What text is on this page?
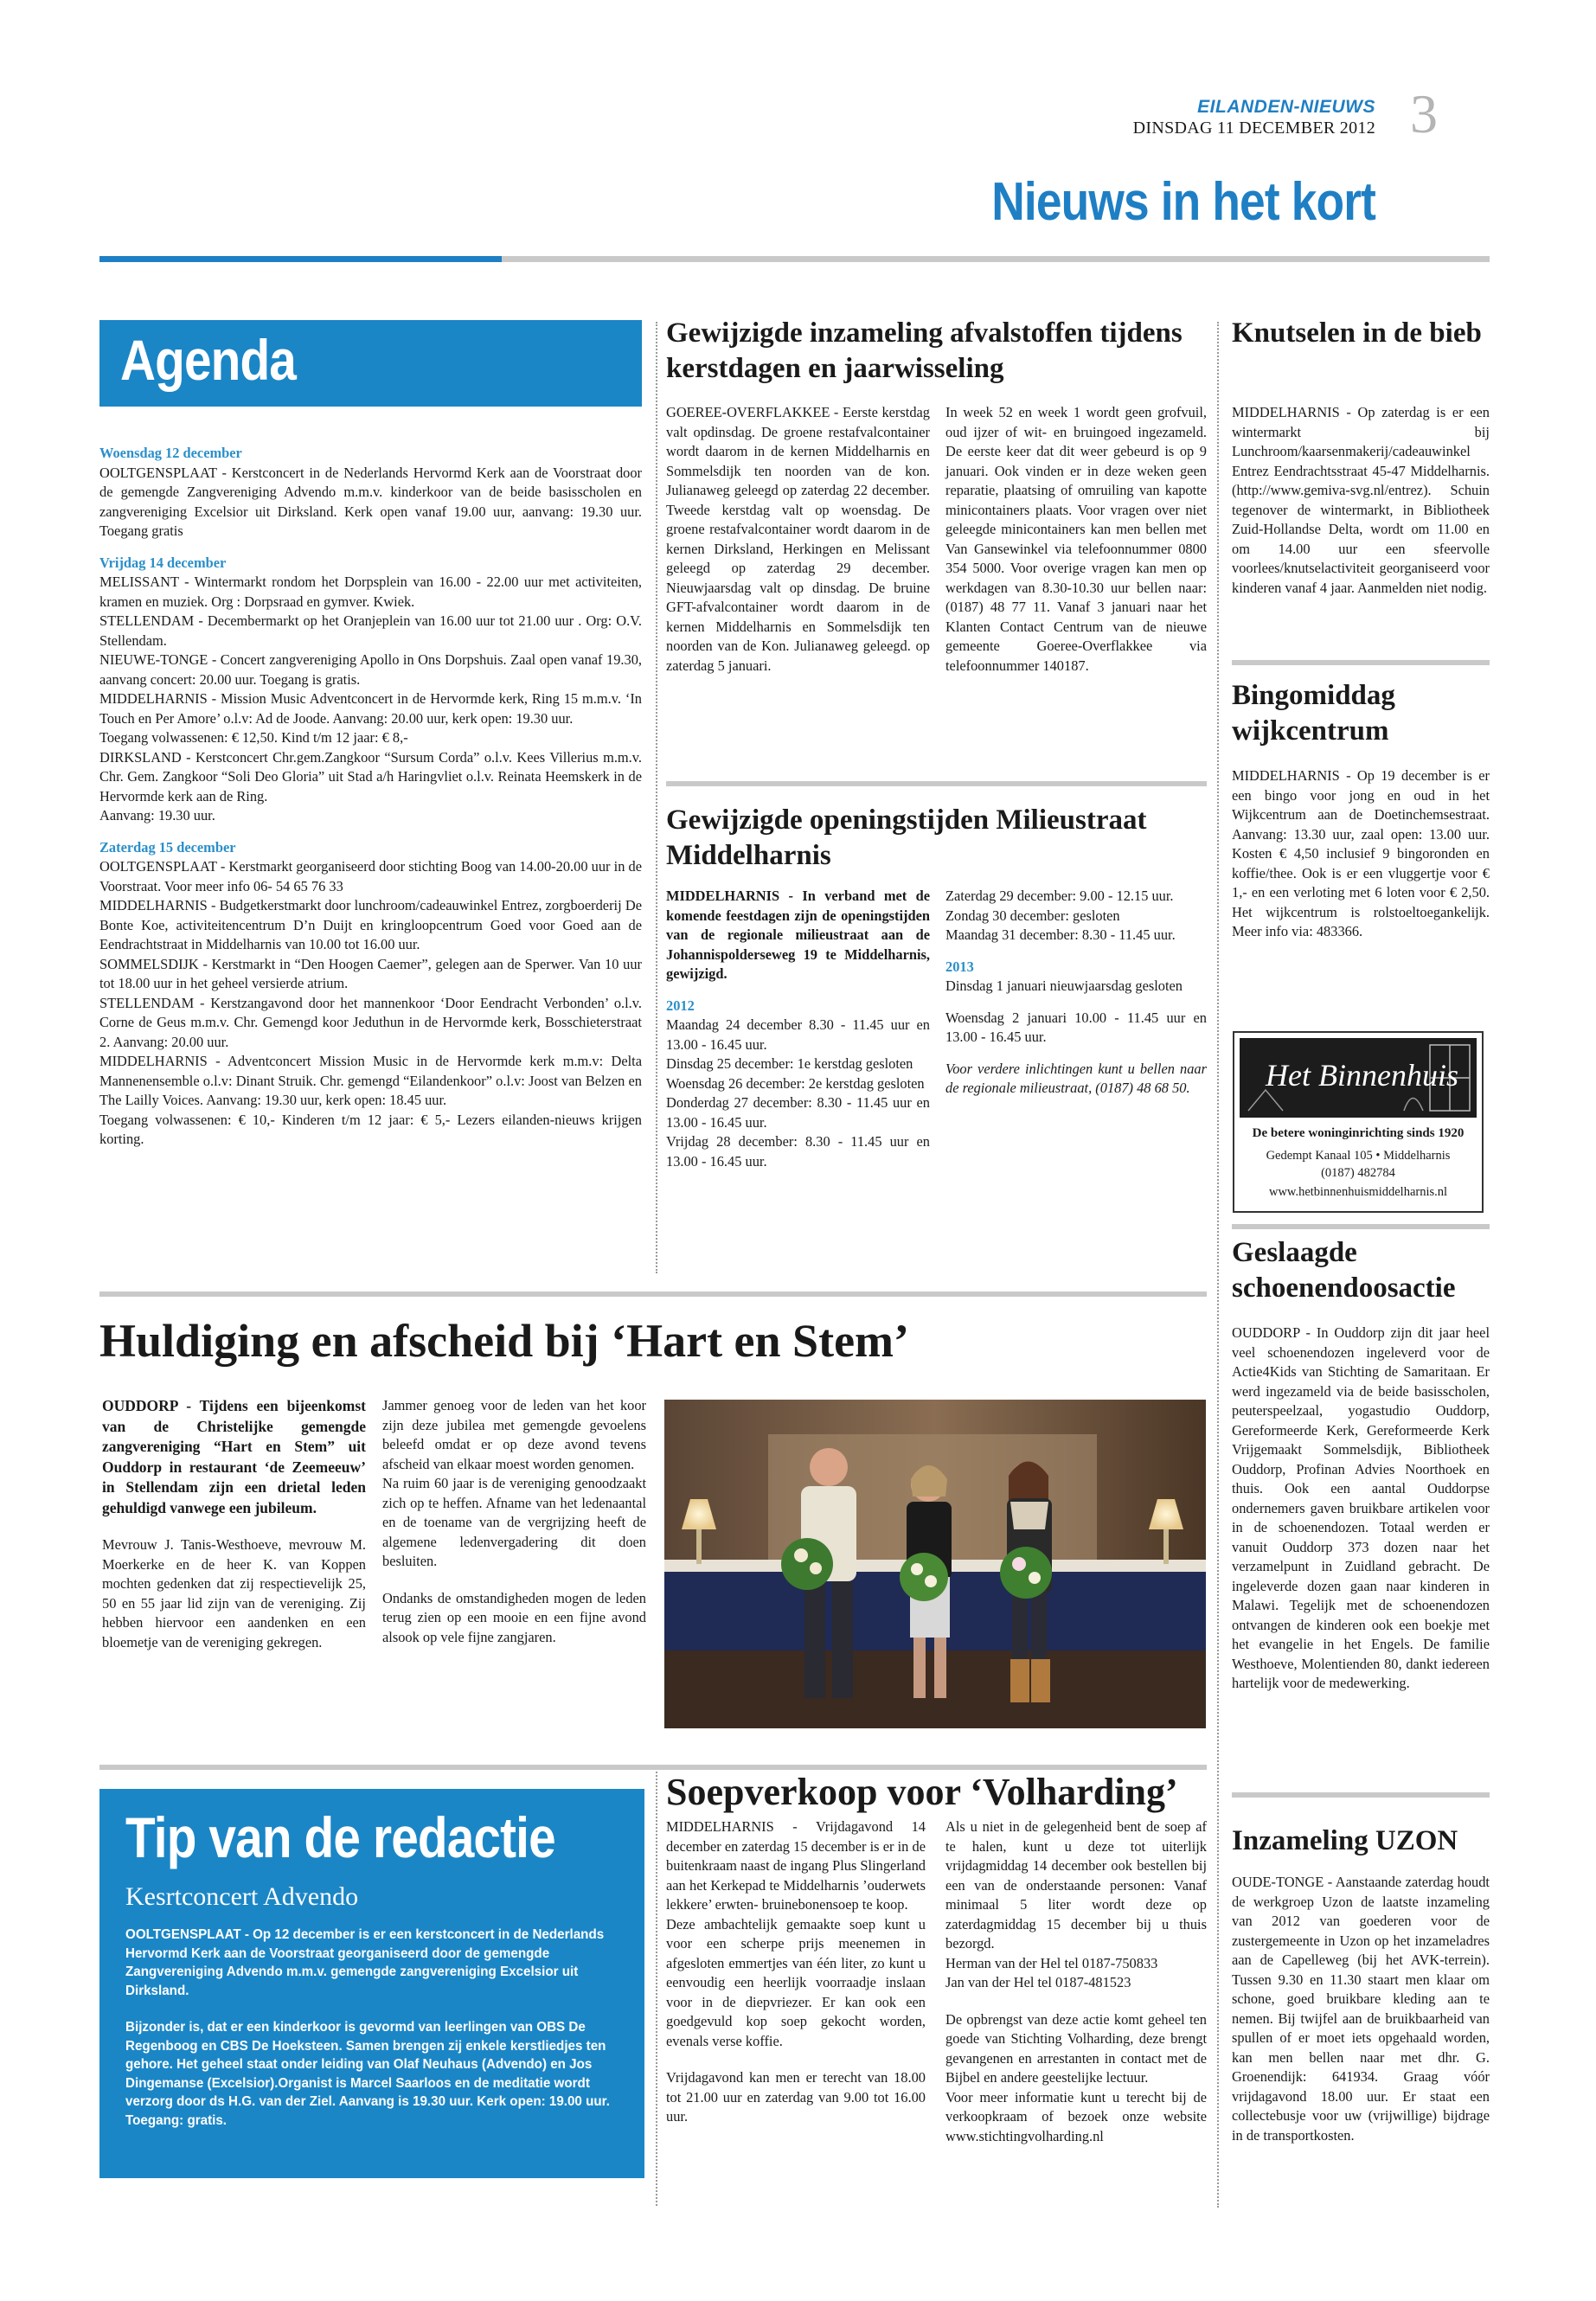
EILANDEN-NIEUWS
DINSDAG 11 DECEMBER 2012 3
Nieuws in het kort
Agenda
Woensdag 12 december

OOLTGENSPLAAT - Kerstconcert in de Nederlands Hervormd Kerk aan de Voorstraat door de gemengde Zangvereniging Advendo m.m.v. kinderkoor van de beide basisscholen en zangvereniging Excelsior uit Dirksland. Kerk open vanaf 19.00 uur, aanvang: 19.30 uur. Toegang gratis

Vrijdag 14 december

MELISSANT - Wintermarkt rondom het Dorpsplein van 16.00 - 22.00 uur met activiteiten, kramen en muziek. Org : Dorpsraad en gymver. Kwiek.

STELLENDAM - Decembermarkt op het Oranjeplein van 16.00 uur tot 21.00 uur . Org: O.V. Stellendam.

NIEUWE-TONGE - Concert zangvereniging Apollo in Ons Dorpshuis. Zaal open vanaf 19.30, aanvang concert: 20.00 uur. Toegang is gratis.

MIDDELHARNIS - Mission Music Adventconcert in de Hervormde kerk, Ring 15 m.m.v. ‘In Touch en Per Amore’ o.l.v: Ad de Joode. Aanvang: 20.00 uur, kerk open: 19.30 uur.

Toegang volwassenen: € 12,50. Kind t/m 12 jaar: € 8,-

DIRKSLAND - Kerstconcert Chr.gem.Zangkoor “Sursum Corda” o.l.v. Kees Villerius m.m.v. Chr. Gem. Zangkoor “Soli Deo Gloria” uit Stad a/h Haringvliet o.l.v. Reinata Heemskerk in de Hervormde kerk aan de Ring.

Aanvang: 19.30 uur.

Zaterdag 15 december

OOLTGENSPLAAT - Kerstmarkt georganiseerd door stichting Boog van 14.00-20.00 uur in de Voorstraat. Voor meer info 06- 54 65 76 33

MIDDELHARNIS - Budgetkerstmarkt door lunchroom/cadeauwinkel Entrez, zorgboerderij De Bonte Koe, activiteitencentrum D’n Duijt en kringloopcentrum Goed voor Goed aan de Eendrachtstraat in Middelharnis van 10.00 tot 16.00 uur.

SOMMELSDIJK - Kerstmarkt in “Den Hoogen Caemer”, gelegen aan de Sperwer. Van 10 uur tot 18.00 uur in het geheel versierde atrium.

STELLENDAM - Kerstzangavond door het mannenkoor ‘Door Eendracht Verbonden’ o.l.v. Corne de Geus m.m.v. Chr. Gemengd koor Jeduthun in de Hervormde kerk, Bosschieterstraat 2. Aanvang: 20.00 uur.

MIDDELHARNIS - Adventconcert Mission Music in de Hervormde kerk m.m.v: Delta Mannenensemble o.l.v: Dinant Struik. Chr. gemengd “Eilandenkoor” o.l.v: Joost van Belzen en The Lailly Voices. Aanvang: 19.30 uur, kerk open: 18.45 uur.

Toegang volwassenen: € 10,- Kinderen t/m 12 jaar: € 5,- Lezers eilanden-nieuws krijgen korting.

Gewijzigde inzameling afvalstoffen tijdens kerstdagen en jaarwisseling
GOEREE-OVERFLAKKEE - Eerste kerstdag valt opdinsdag. De groene restafvalcontainer wordt daarom in de kernen Middelharnis en Sommelsdijk ten noorden van de kon. Julianaweg geleegd op zaterdag 22 december. Tweede kerstdag valt op woensdag. De groene restafvalcontainer wordt daarom in de kernen Dirksland, Herkingen en Melissant geleegd op zaterdag 29 december. Nieuwjaarsdag valt op dinsdag. De bruine GFT-afvalcontainer wordt daarom in de kernen Middelharnis en Sommelsdijk ten noorden van de Kon. Julianaweg geleegd. op zaterdag 5 januari.
In week 52 en week 1 wordt geen grofvuil, oud ijzer of wit- en bruingoed ingezameld. De eerste keer dat dit weer gebeurd is op 9 januari. Ook vinden er in deze weken geen reparatie, plaatsing of omruiling van kapotte minicontainers plaats. Voor vragen over niet geleegde minicontainers kan men bellen met Van Gansewinkel via telefoonnummer 0800 354 5000. Voor overige vragen kan men op werkdagen van 8.30-10.30 uur bellen naar: (0187) 48 77 11. Vanaf 3 januari naar het Klanten Contact Centrum van de nieuwe gemeente Goeree-Overflakkee via telefoonnummer 140187.
Gewijzigde openingstijden Milieustraat Middelharnis

MIDDELHARNIS - In verband met de komende feestdagen zijn de openingstijden van de regionale milieustraat aan de Johannispolderseweg 19 te Middelharnis, gewijzigd.

2012

Maandag 24 december 8.30 - 11.45 uur en 13.00 - 16.45 uur.

Dinsdag 25 december: 1e kerstdag gesloten

Woensdag 26 december: 2e kerstdag gesloten

Donderdag 27 december: 8.30 - 11.45 uur en 13.00 - 16.45 uur.

Vrijdag 28 december: 8.30 - 11.45 uur en 13.00 - 16.45 uur.

Zaterdag 29 december: 9.00 - 12.15 uur.

Zondag 30 december: gesloten

Maandag 31 december: 8.30 - 11.45 uur.

2013

Dinsdag 1 januari nieuwjaarsdag gesloten

Woensdag 2 januari 10.00 - 11.45 uur en 13.00 - 16.45 uur.

Voor verdere inlichtingen kunt u bellen naar de regionale milieustraat, (0187) 48 68 50.

Knutselen in de bieb
MIDDELHARNIS - Op zaterdag is er een wintermarkt bij Lunchroom/kaarsenmakerij/cadeauwinkel Entrez Eendrachtsstraat 45-47 Middelharnis. (http://www.gemiva-svg.nl/entrez). Schuin tegenover de wintermarkt, in Bibliotheek Zuid-Hollandse Delta, wordt om 11.00 en om 14.00 uur een sfeervolle voorlees/knutselactiviteit georganiseerd voor kinderen vanaf 4 jaar. Aanmelden niet nodig.
Bingomiddag wijkcentrum
MIDDELHARNIS - Op 19 december is er een bingo voor jong en oud in het Wijkcentrum aan de Doetinchemsestraat. Aanvang: 13.30 uur, zaal open: 13.00 uur. Kosten € 4,50 inclusief 9 bingoronden en koffie/thee. Ook is er een vluggertje voor € 1,- en een verloting met 6 loten voor € 2,50. Het wijkcentrum is rolstoeltoegankelijk. Meer info via: 483366.
Het Binnenhuis
De betere woninginrichting sinds 1920
Gedempt Kanaal 105 • Middelharnis
(0187) 482784
www.hetbinnenhuismiddelharnis.nl
Geslaagde schoenendoosactie
OUDDORP - In Ouddorp zijn dit jaar heel veel schoenendozen ingeleverd voor de Actie4Kids van Stichting de Samaritaan. Er werd ingezameld via de beide basisscholen, peuterspeelzaal, yogastudio Ouddorp, Gereformeerde Kerk, Gereformeerde Kerk Vrijgemaakt Sommelsdijk, Bibliotheek Ouddorp, Profinan Advies Noorthoek en thuis. Ook een aantal Ouddorpse ondernemers gaven bruikbare artikelen voor in de schoenendozen. Totaal werden er vanuit Ouddorp 373 dozen naar het verzamelpunt in Zuidland gebracht. De ingeleverde dozen gaan naar kinderen in Malawi. Tegelijk met de schoenendozen ontvangen de kinderen ook een boekje met het evangelie in het Engels. De familie Westhoeve, Molentienden 80, dankt iedereen hartelijk voor de medewerking.
Inzameling UZON
OUDE-TONGE - Aanstaande zaterdag houdt de werkgroep Uzon de laatste inzameling van 2012 van goederen voor de zustergemeente in Uzon op het inzameladres aan de Capelleweg (bij het AVK-terrein). Tussen 9.30 en 11.30 staart men klaar om schone, goed bruikbare kleding aan te nemen. Bij twijfel aan de bruikbaarheid van spullen of er moet iets opgehaald worden, kan men bellen naar met dhr. G. Groenendijk: 641934. Graag vóór vrijdagavond 18.00 uur. Er staat een collectebusje voor uw (vrijwillige) bijdrage in de transportkosten.
Huldiging en afscheid bij ‘Hart en Stem’

OUDDORP - Tijdens een bijeenkomst van de Christelijke gemengde zangvereniging “Hart en Stem” uit Ouddorp in restaurant ‘de Zeemeeuw’ in Stellendam zijn een drietal leden gehuldigd vanwege een jubileum.

Mevrouw J. Tanis-Westhoeve, mevrouw M. Moerkerke en de heer K. van Koppen mochten gedenken dat zij respectievelijk 25, 50 en 55 jaar lid zijn van de vereniging. Zij hebben hiervoor een aandenken en een bloemetje van de vereniging gekregen.

Jammer genoeg voor de leden van het koor zijn deze jubilea met gemengde gevoelens beleefd omdat er op deze avond tevens afscheid van elkaar moest worden genomen.

Na ruim 60 jaar is de vereniging genoodzaakt zich op te heffen. Afname van het ledenaantal en de toename van de vergrijzing heeft de algemene ledenvergadering dit doen besluiten.

Ondanks de omstandigheden mogen de leden terug zien op een mooie en een fijne avond alsook op vele fijne zangjaren.

Tip van de redactie
Kesrtconcert Advendo

OOLTGENSPLAAT - Op 12 december is er een kerstconcert in de Nederlands Hervormd Kerk aan de Voorstraat georganiseerd door de gemengde Zangvereniging Advendo m.m.v. gemengde zangvereniging Excelsior uit Dirksland.

Bijzonder is, dat er een kinderkoor is gevormd van leerlingen van OBS De Regenboog en CBS De Hoeksteen. Samen brengen zij enkele kerstliedjes ten gehore. Het geheel staat onder leiding van Olaf Neuhaus (Advendo) en Jos Dingemanse (Excelsior).Organist is Marcel Saarloos en de meditatie wordt verzorg door ds H.G. van der Ziel. Aanvang is 19.30 uur. Kerk open: 19.00 uur. Toegang: gratis.

Soepverkoop voor ‘Volharding’

MIDDELHARNIS - Vrijdagavond 14 december en zaterdag 15 december is er in de buitenkraam naast de ingang Plus Slingerland aan het Kerkepad te Middelharnis ’ouderwets lekkere’ erwten- bruinebonensoep te koop.

Deze ambachtelijk gemaakte soep kunt u voor een scherpe prijs meenemen in afgesloten emmertjes van één liter, zo kunt u eenvoudig een heerlijk voorraadje inslaan voor in de diepvriezer. Er kan ook een goedgevuld kop soep gekocht worden, evenals verse koffie.

Vrijdagavond kan men er terecht van 18.00 tot 21.00 uur en zaterdag van 9.00 tot 16.00 uur.

Als u niet in de gelegenheid bent de soep af te halen, kunt u deze tot uiterlijk vrijdagmiddag 14 december ook bestellen bij een van de onderstaande personen: Vanaf minimaal 5 liter wordt deze op zaterdagmiddag 15 december bij u thuis bezorgd.

Herman van der Hel tel 0187-750833

Jan van der Hel tel 0187-481523

De opbrengst van deze actie komt geheel ten goede van Stichting Volharding, deze brengt gevangenen en arrestanten in contact met de Bijbel en andere geestelijke lectuur.

Voor meer informatie kunt u terecht bij de verkoopkraam of bezoek onze website www.stichtingvolharding.nl
